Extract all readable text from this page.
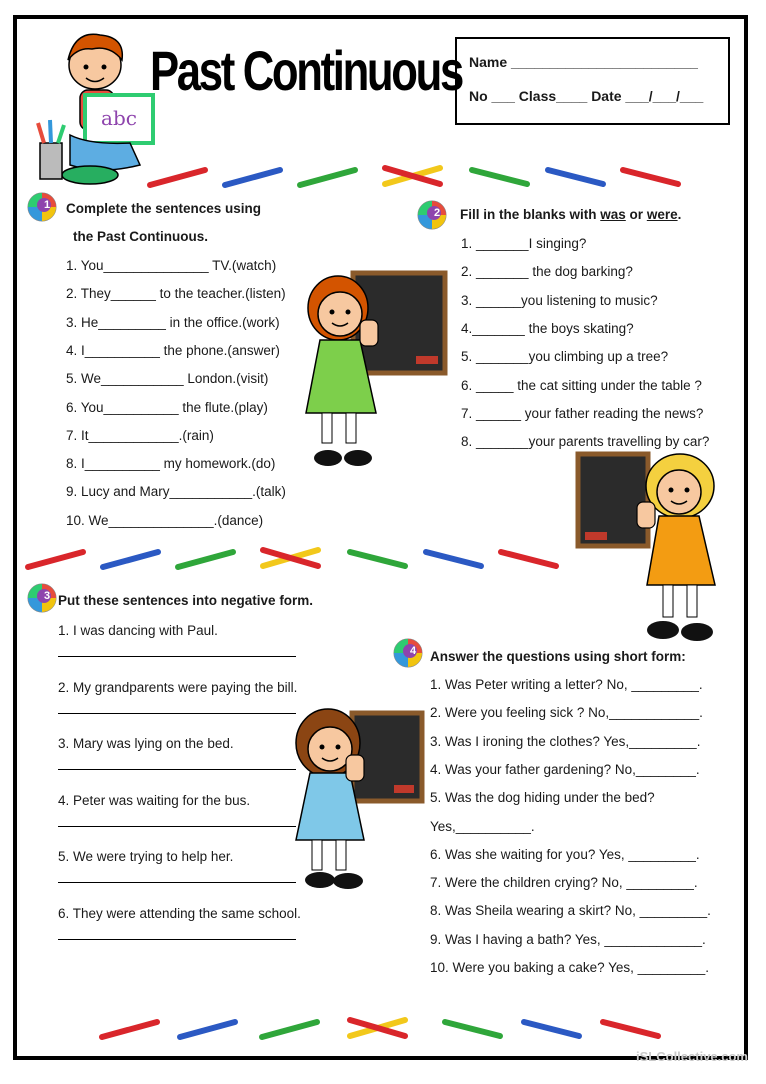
abc
Past Continuous Name ________________________
No ___ Class____ Date ___/___/___
1 Complete the sentences using
the Past Continuous.
1. You______________ TV.(watch)
2. They______ to the teacher.(listen)
3. He_________ in the office.(work)
4. I__________ the phone.(answer)
5. We___________ London.(visit)
6. You__________ the flute.(play)
7. It____________.(rain)
8. I__________ my homework.(do)
9. Lucy and Mary___________.(talk)
10. We______________.(dance)
2 Fill in the blanks with was or were.
1. _______I singing?
2. _______ the dog barking?
3. ______you listening to music?
4._______ the boys skating?
5. _______you climbing up a tree?
6. _____ the cat sitting under the table ?
7. ______ your father reading the news?
8. _______your parents travelling by car?
3 Put these sentences into negative form.
1. I was dancing with Paul.
2. My grandparents were paying the bill.
3. Mary was lying on the bed.
4. Peter was waiting for the bus.
5. We were trying to help her.
6. They were attending the same school.
4 Answer the questions using short form:
1. Was Peter writing a letter? No, _________.
2. Were you feeling sick ? No,____________.
3. Was I ironing the clothes? Yes,_________.
4. Was your father gardening? No,________.
5. Was the dog hiding under the bed?
Yes,__________.
6. Was she waiting for you? Yes, _________.
7. Were the children crying? No, _________.
8. Was Sheila wearing a skirt? No, _________.
9. Was I having a bath? Yes, _____________.
10. Were you baking a cake? Yes, _________.
iSLCollective.com
